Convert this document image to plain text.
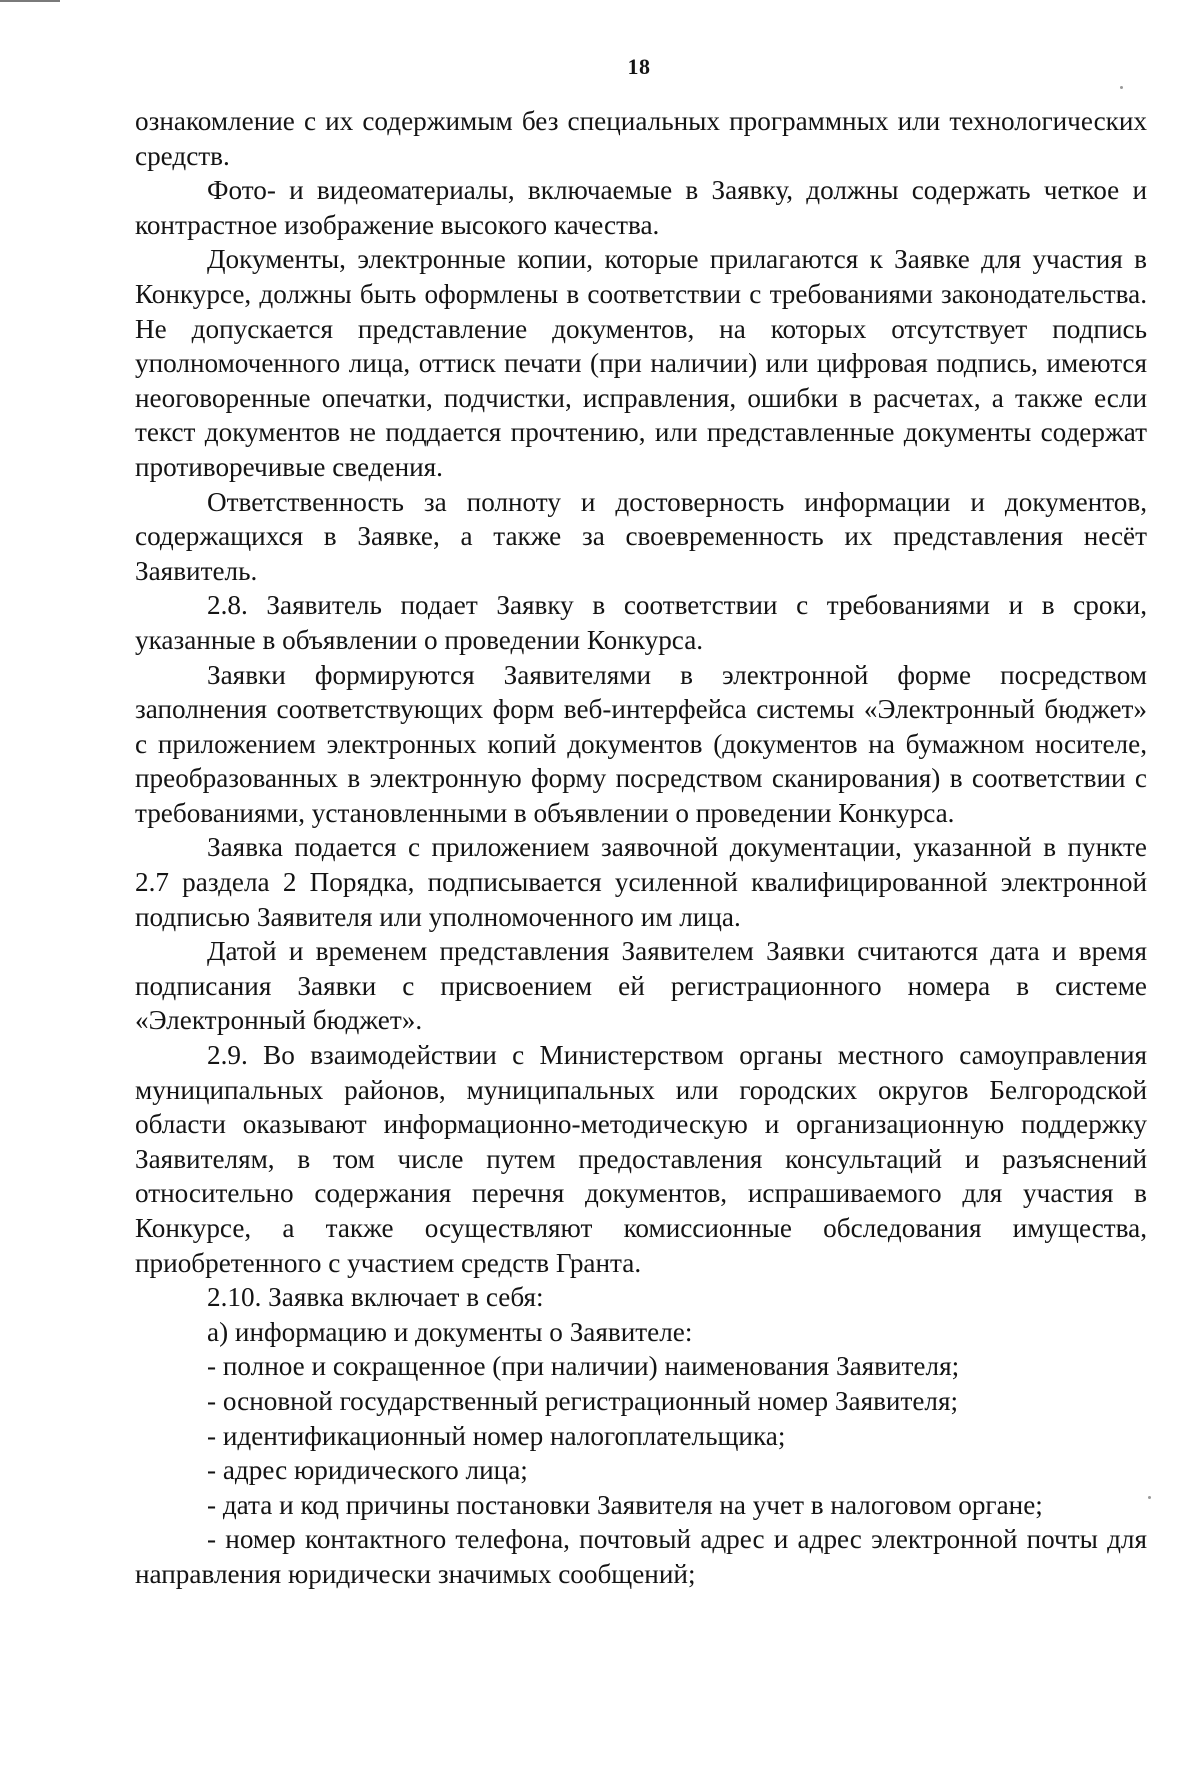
18

ознакомление с их содержимым без специальных программных или технологических средств.

Фото- и видеоматериалы, включаемые в Заявку, должны содержать четкое и контрастное изображение высокого качества.

Документы, электронные копии, которые прилагаются к Заявке для участия в Конкурсе, должны быть оформлены в соответствии с требованиями законодательства. Не допускается представление документов, на которых отсутствует подпись уполномоченного лица, оттиск печати (при наличии) или цифровая подпись, имеются неоговоренные опечатки, подчистки, исправления, ошибки в расчетах, а также если текст документов не поддается прочтению, или представленные документы содержат противоречивые сведения.

Ответственность за полноту и достоверность информации и документов, содержащихся в Заявке, а также за своевременность их представления несёт Заявитель.

2.8. Заявитель подает Заявку в соответствии с требованиями и в сроки, указанные в объявлении о проведении Конкурса.

Заявки формируются Заявителями в электронной форме посредством заполнения соответствующих форм веб-интерфейса системы «Электронный бюджет» с приложением электронных копий документов (документов на бумажном носителе, преобразованных в электронную форму посредством сканирования) в соответствии с требованиями, установленными в объявлении о проведении Конкурса.

Заявка подается с приложением заявочной документации, указанной в пункте 2.7 раздела 2 Порядка, подписывается усиленной квалифицированной электронной подписью Заявителя или уполномоченного им лица.

Датой и временем представления Заявителем Заявки считаются дата и время подписания Заявки с присвоением ей регистрационного номера в системе «Электронный бюджет».

2.9. Во взаимодействии с Министерством органы местного самоуправления муниципальных районов, муниципальных или городских округов Белгородской области оказывают информационно-методическую и организационную поддержку Заявителям, в том числе путем предоставления консультаций и разъяснений относительно содержания перечня документов, испрашиваемого для участия в Конкурсе, а также осуществляют комиссионные обследования имущества, приобретенного с участием средств Гранта.

2.10. Заявка включает в себя:

а) информацию и документы о Заявителе:

- полное и сокращенное (при наличии) наименования Заявителя;

- основной государственный регистрационный номер Заявителя;

- идентификационный номер налогоплательщика;

- адрес юридического лица;

- дата и код причины постановки Заявителя на учет в налоговом органе;

- номер контактного телефона, почтовый адрес и адрес электронной почты для направления юридически значимых сообщений;
